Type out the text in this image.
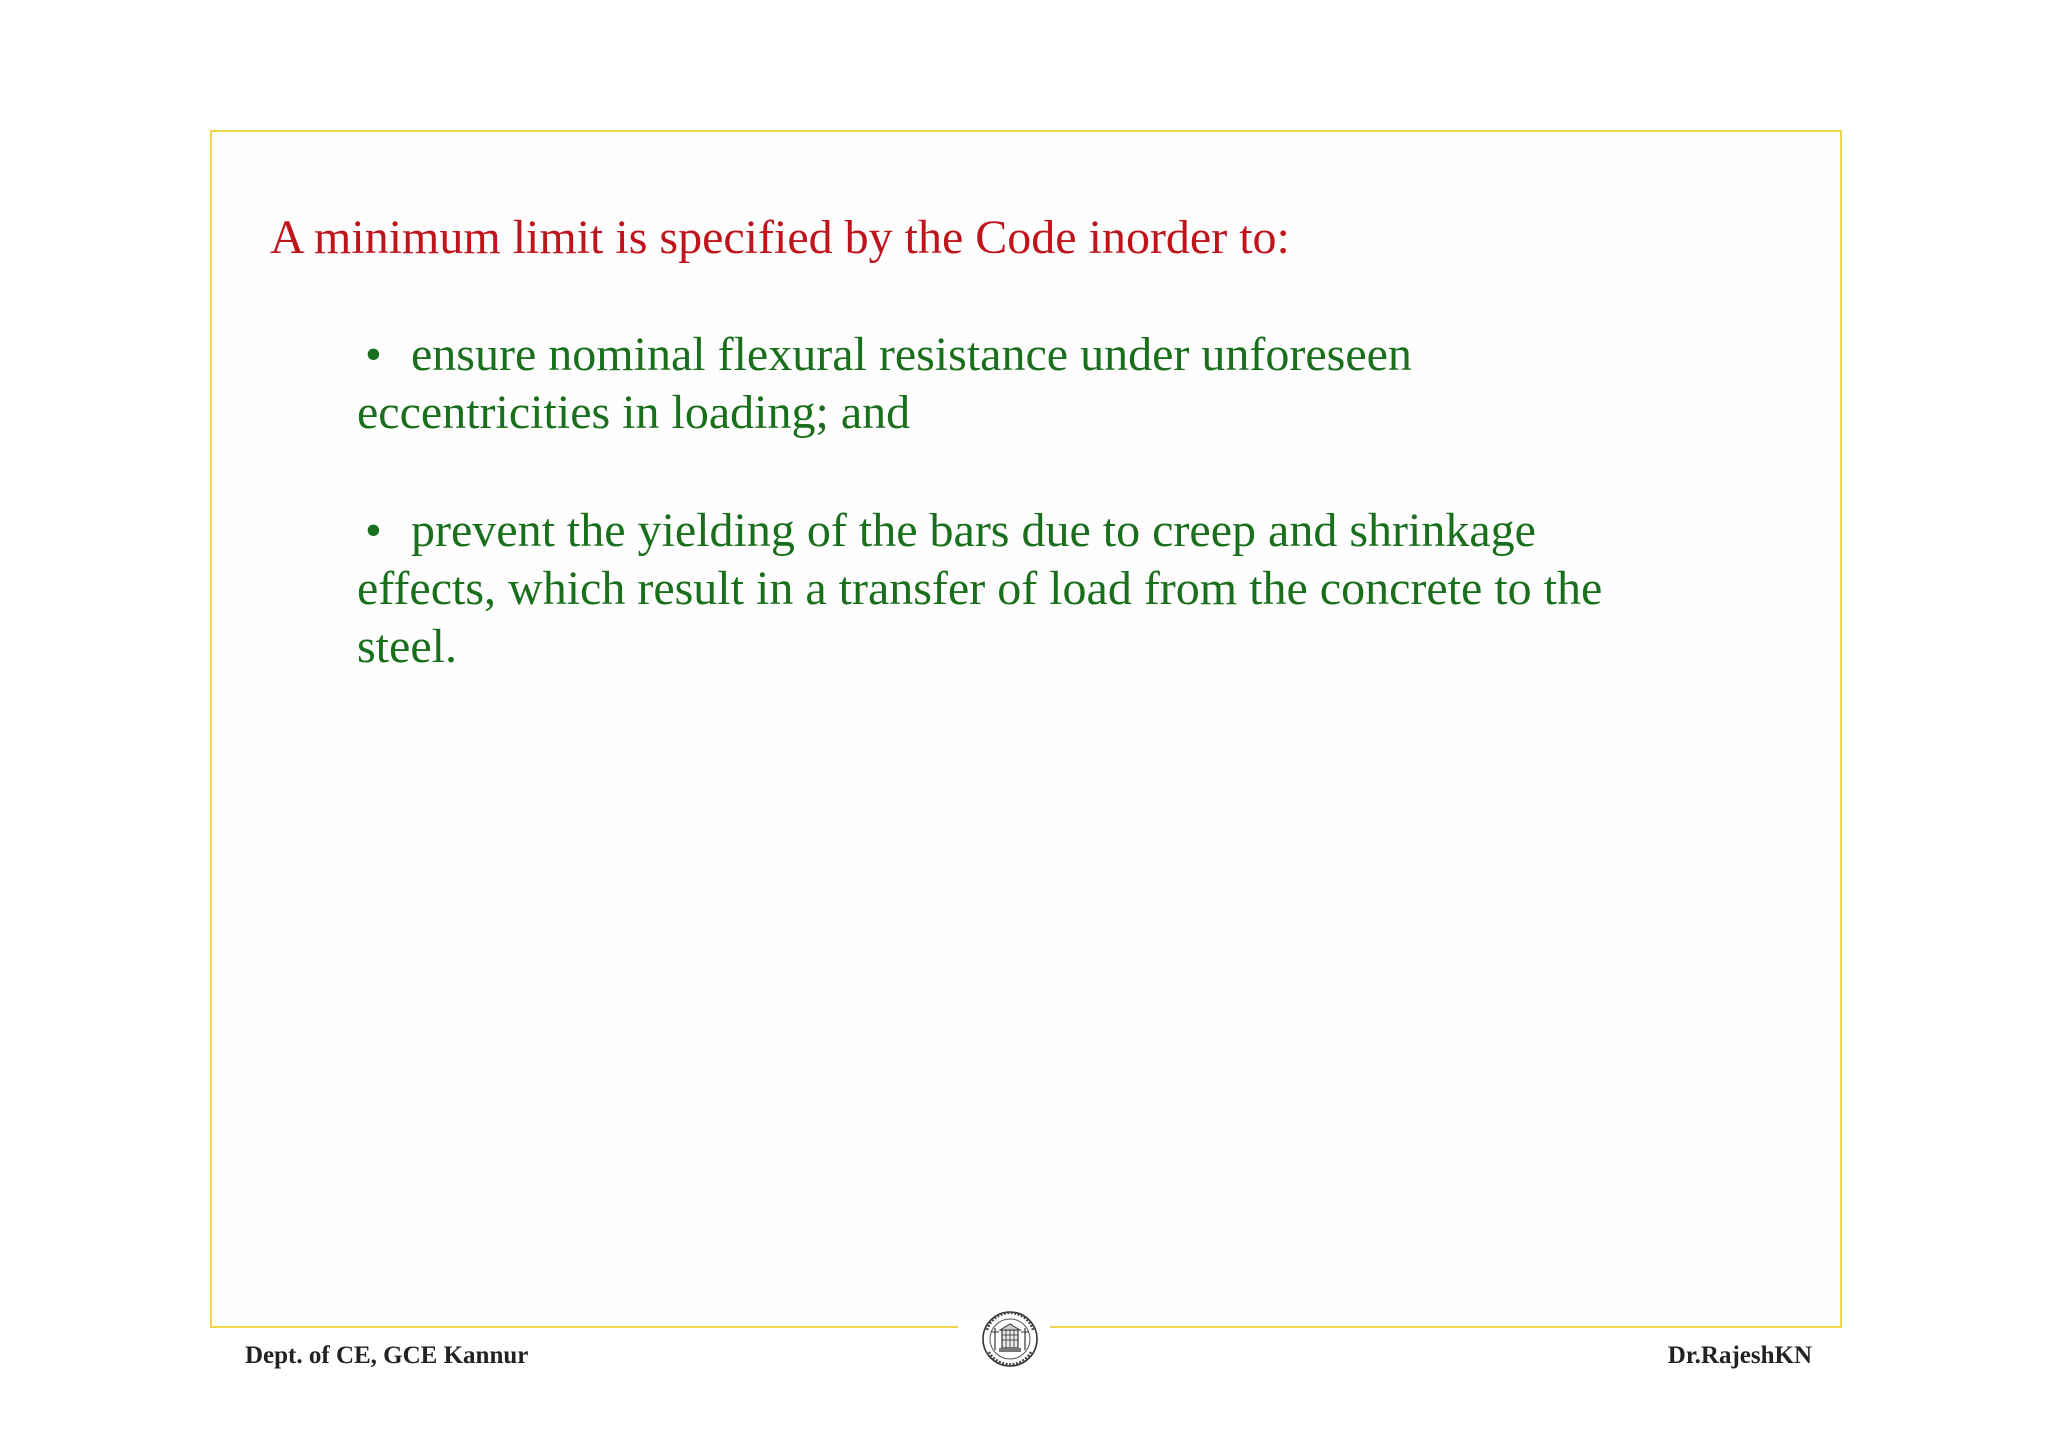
A minimum limit is specified by the Code inorder to:

• ensure nominal flexural resistance under unforeseen
eccentricities in loading; and

• prevent the yielding of the bars due to creep and shrinkage
effects, which result in a transfer of load from the concrete to the
steel.

Dept. of CE, GCE Kannur	Dr.RajeshKN
